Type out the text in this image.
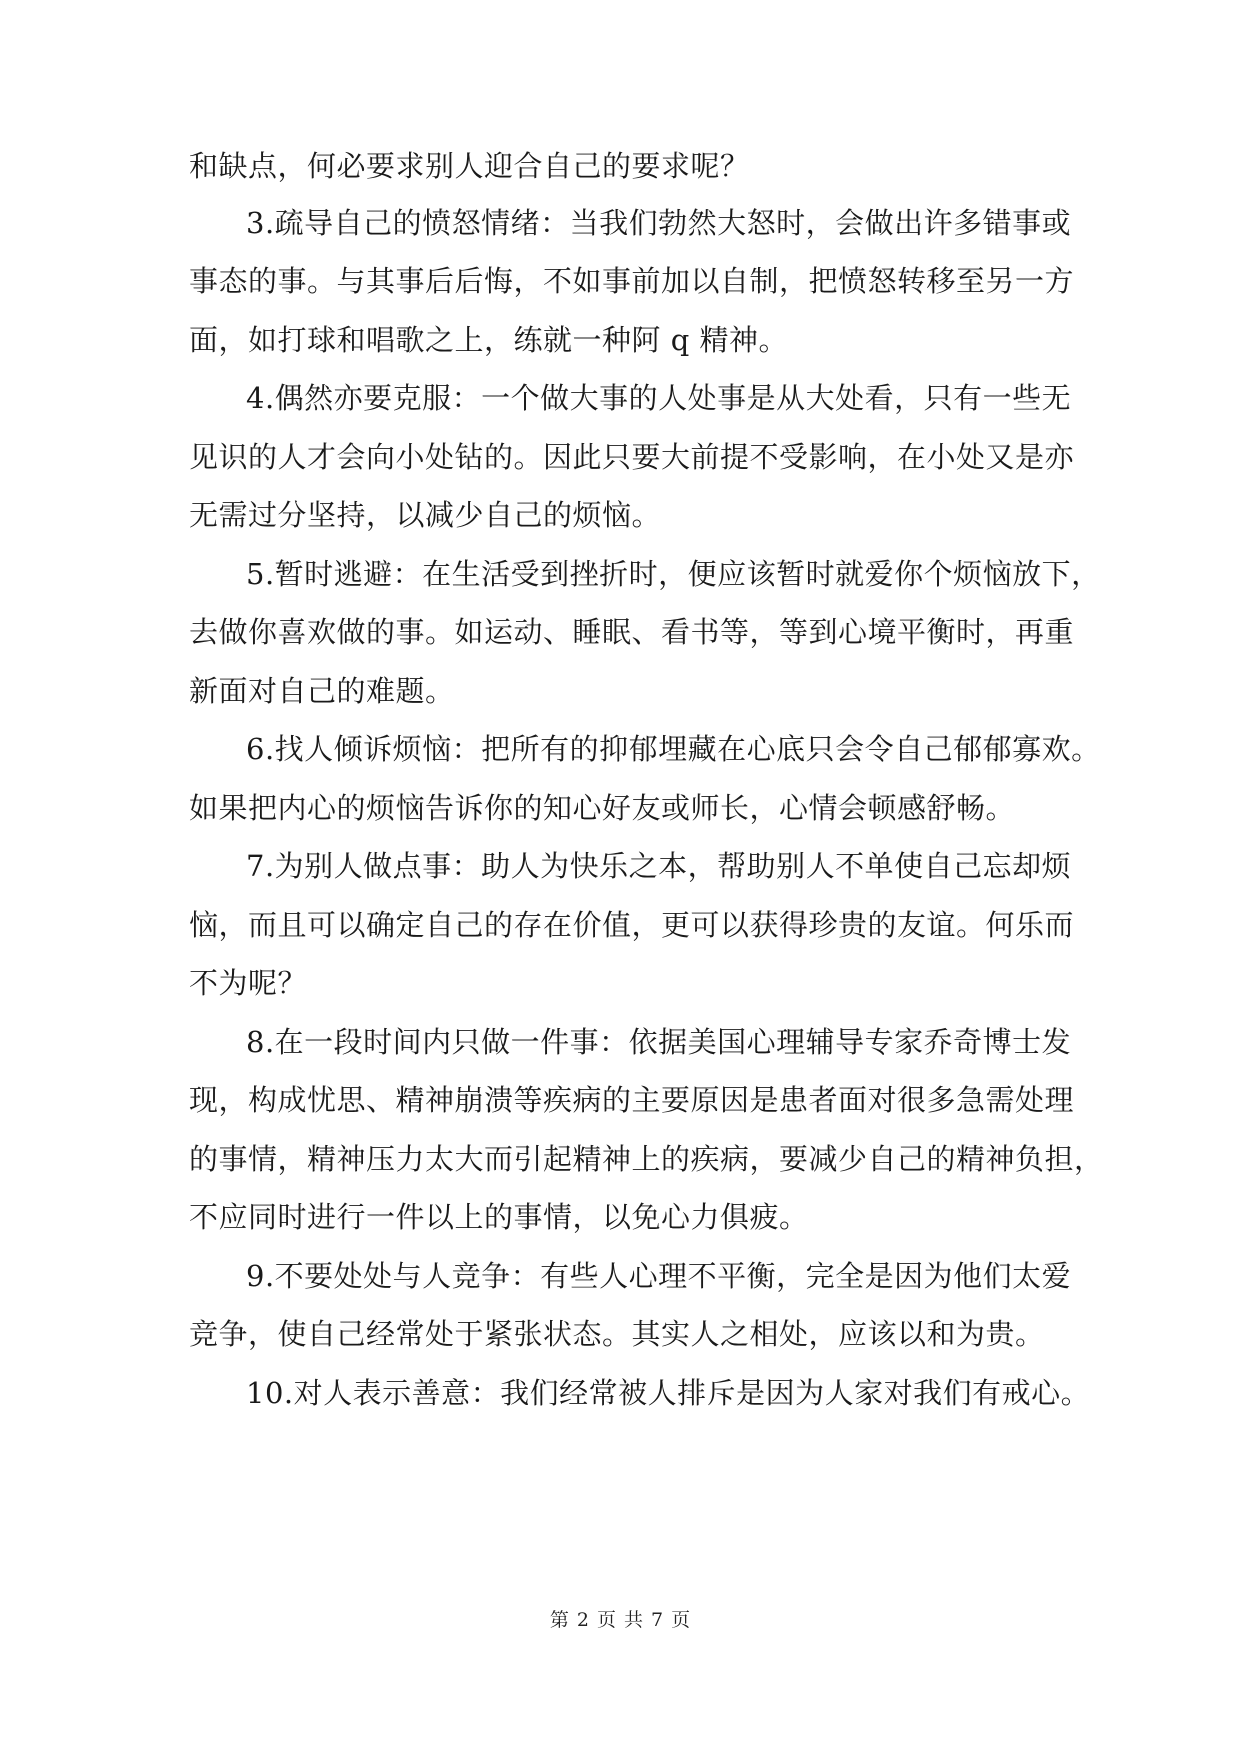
和缺点，何必要求别人迎合自己的要求呢？
3.疏导自己的愤怒情绪：当我们勃然大怒时，会做出许多错事或
事态的事。与其事后后悔，不如事前加以自制，把愤怒转移至另一方
面，如打球和唱歌之上，练就一种阿 q 精神。
4.偶然亦要克服：一个做大事的人处事是从大处看，只有一些无
见识的人才会向小处钻的。因此只要大前提不受影响，在小处又是亦
无需过分坚持，以减少自己的烦恼。
5.暂时逃避：在生活受到挫折时，便应该暂时就爱你个烦恼放下，
去做你喜欢做的事。如运动、睡眠、看书等，等到心境平衡时，再重
新面对自己的难题。
6.找人倾诉烦恼：把所有的抑郁埋藏在心底只会令自己郁郁寡欢。
如果把内心的烦恼告诉你的知心好友或师长，心情会顿感舒畅。
7.为别人做点事：助人为快乐之本，帮助别人不单使自己忘却烦
恼，而且可以确定自己的存在价值，更可以获得珍贵的友谊。何乐而
不为呢？
8.在一段时间内只做一件事：依据美国心理辅导专家乔奇博士发
现，构成忧思、精神崩溃等疾病的主要原因是患者面对很多急需处理
的事情，精神压力太大而引起精神上的疾病，要减少自己的精神负担，
不应同时进行一件以上的事情，以免心力俱疲。
9.不要处处与人竞争：有些人心理不平衡，完全是因为他们太爱
竞争，使自己经常处于紧张状态。其实人之相处，应该以和为贵。
10.对人表示善意：我们经常被人排斥是因为人家对我们有戒心。
第 2 页 共 7 页
